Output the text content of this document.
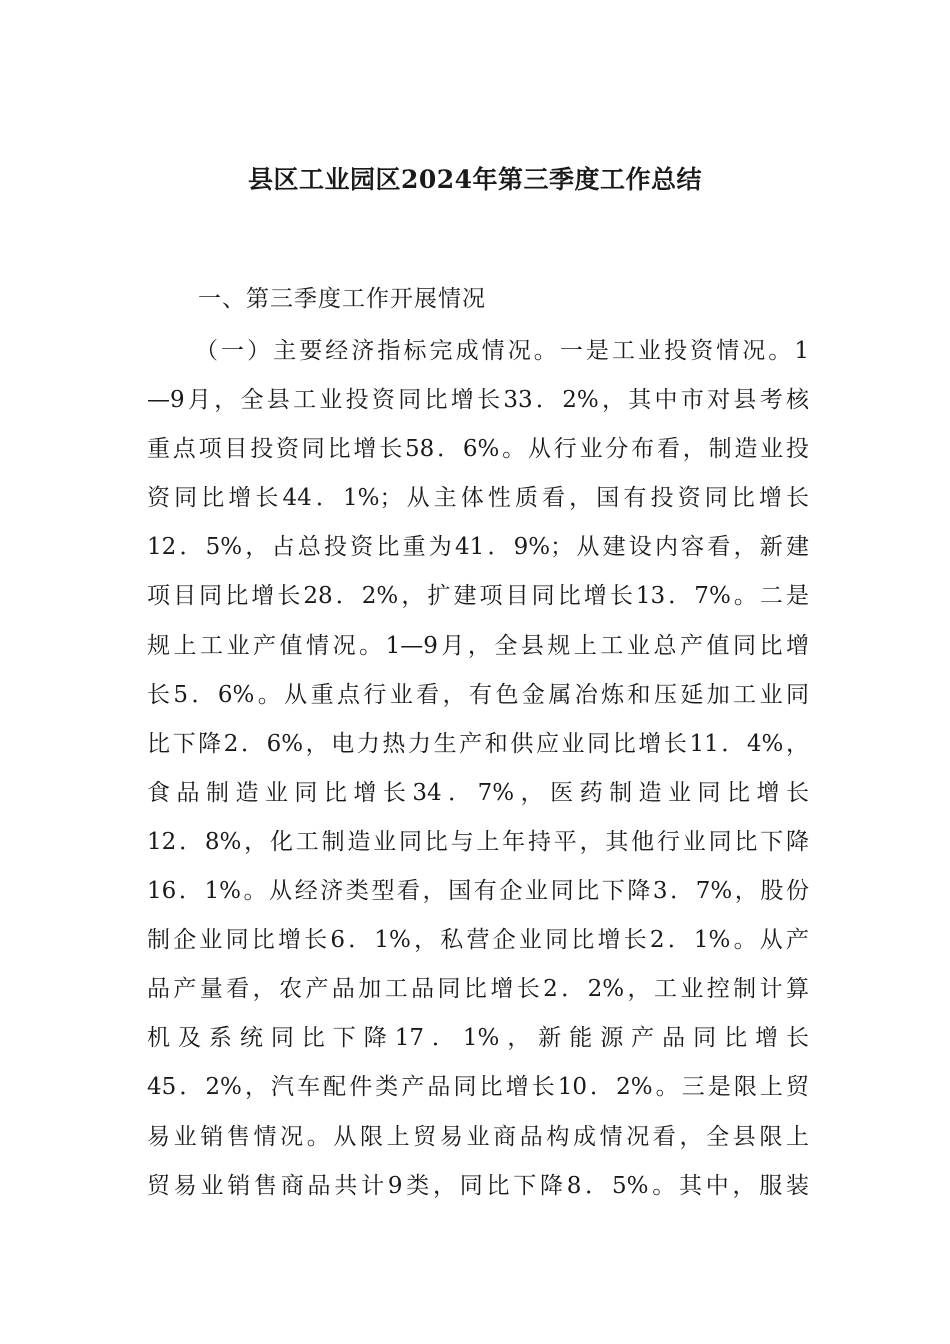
县区工业园区2024年第三季度工作总结
一、第三季度工作开展情况
（一）主要经济指标完成情况。一是工业投资情况。1
—9月，全县工业投资同比增长33．2%，其中市对县考核
重点项目投资同比增长58．6%。从行业分布看，制造业投
资同比增长44．1%；从主体性质看，国有投资同比增长
12．5%，占总投资比重为41．9%；从建设内容看，新建
项目同比增长28．2%，扩建项目同比增长13．7%。二是
规上工业产值情况。1—9月，全县规上工业总产值同比增
长5．6%。从重点行业看，有色金属冶炼和压延加工业同
比下降2．6%，电力热力生产和供应业同比增长11．4%，
食品制造业同比增长34．7%，医药制造业同比增长
12．8%，化工制造业同比与上年持平，其他行业同比下降
16．1%。从经济类型看，国有企业同比下降3．7%，股份
制企业同比增长6．1%，私营企业同比增长2．1%。从产
品产量看，农产品加工品同比增长2．2%，工业控制计算
机及系统同比下降17．1%，新能源产品同比增长
45．2%，汽车配件类产品同比增长10．2%。三是限上贸
易业销售情况。从限上贸易业商品构成情况看，全县限上
贸易业销售商品共计9类，同比下降8．5%。其中，服装
